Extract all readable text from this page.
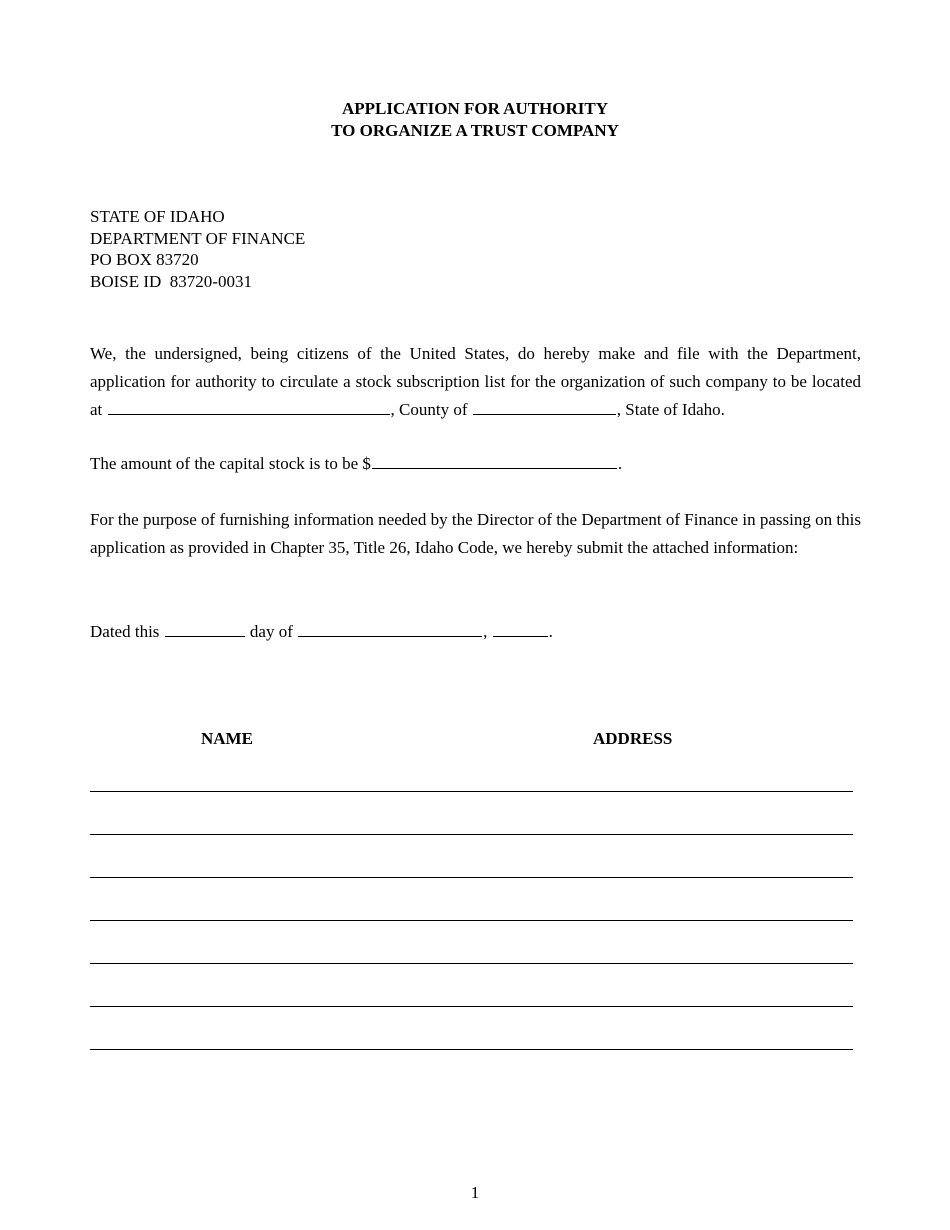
APPLICATION FOR AUTHORITY
TO ORGANIZE A TRUST COMPANY
STATE OF IDAHO
DEPARTMENT OF FINANCE
PO BOX 83720
BOISE ID  83720-0031
We, the undersigned, being citizens of the United States, do hereby make and file with the Department, application for authority to circulate a stock subscription list for the organization of such company to be located at	, County of	, State of Idaho.
The amount of the capital stock is to be $	.
For the purpose of furnishing information needed by the Director of the Department of Finance in passing on this application as provided in Chapter 35, Title 26, Idaho Code, we hereby submit the attached information:
Dated this	day of	,	.
NAME	ADDRESS
1
